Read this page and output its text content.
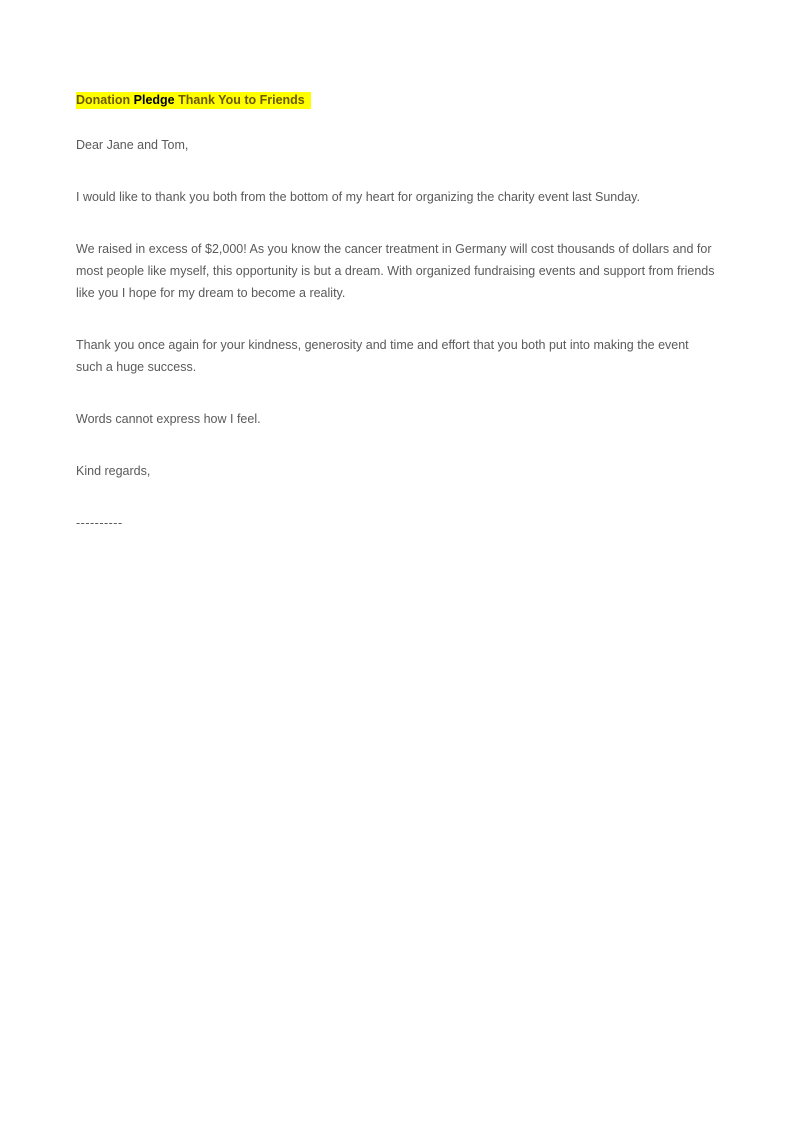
Donation Pledge Thank You to Friends

Dear Jane and Tom,

I would like to thank you both from the bottom of my heart for organizing the charity event last Sunday.

We raised in excess of $2,000! As you know the cancer treatment in Germany will cost thousands of dollars and for most people like myself, this opportunity is but a dream. With organized fundraising events and support from friends like you I hope for my dream to become a reality.

Thank you once again for your kindness, generosity and time and effort that you both put into making the event such a huge success.

Words cannot express how I feel.

Kind regards,

----------
